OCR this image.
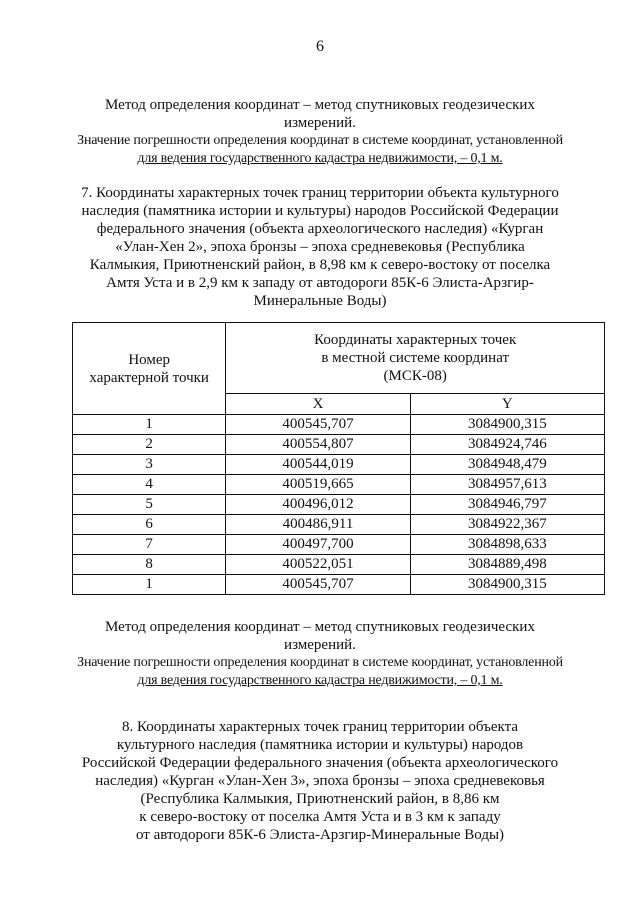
6
Метод определения координат – метод спутниковых геодезических
измерений.
Значение погрешности определения координат в системе координат, установленной
для ведения государственного кадастра недвижимости, – 0,1 м.
7. Координаты характерных точек границ территории объекта культурного
наследия (памятника истории и культуры) народов Российской Федерации
федерального значения (объекта археологического наследия) «Курган
«Улан-Хен 2», эпоха бронзы – эпоха средневековья (Республика
Калмыкия, Приютненский район, в 8,98 км к северо-востоку от поселка
Амтя Уста и в 2,9 км к западу от автодороги 85К-6 Элиста-Арзгир-
Минеральные Воды)
Номер
характерной точки	Координаты характерных точек
в местной системе координат
(МСК-08)	

	X	Y
1	400545,707	3084900,315
2	400554,807	3084924,746
3	400544,019	3084948,479
4	400519,665	3084957,613
5	400496,012	3084946,797
6	400486,911	3084922,367
7	400497,700	3084898,633
8	400522,051	3084889,498
1	400545,707	3084900,315
Метод определения координат – метод спутниковых геодезических
измерений.
Значение погрешности определения координат в системе координат, установленной
для ведения государственного кадастра недвижимости, – 0,1 м.
8. Координаты характерных точек границ территории объекта
культурного наследия (памятника истории и культуры) народов
Российской Федерации федерального значения (объекта археологического
наследия) «Курган «Улан-Хен 3», эпоха бронзы – эпоха средневековья
(Республика Калмыкия, Приютненский район, в 8,86 км
к северо-востоку от поселка Амтя Уста и в 3 км к западу
от автодороги 85К-6 Элиста-Арзгир-Минеральные Воды)
